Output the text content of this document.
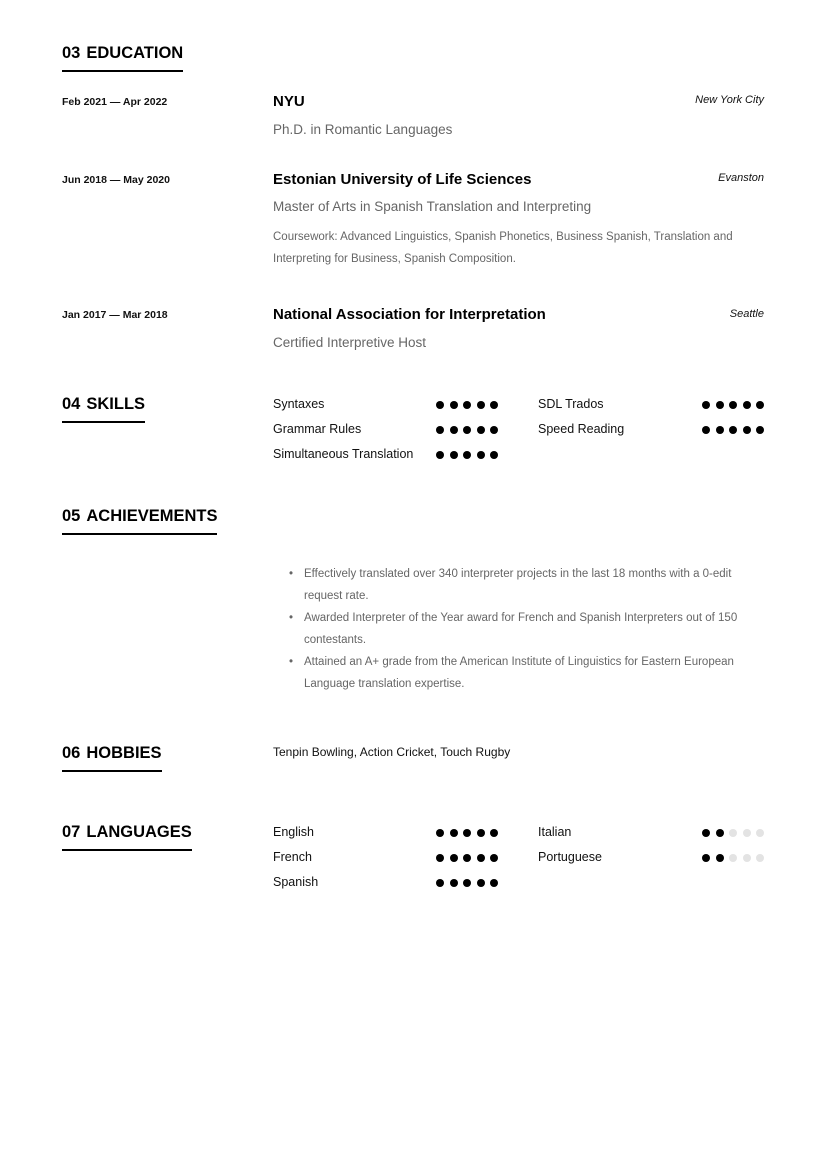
03 EDUCATION
Feb 2021 — Apr 2022	NYU	New York City
Ph.D. in Romantic Languages
Jun 2018 — May 2020	Estonian University of Life Sciences	Evanston
Master of Arts in Spanish Translation and Interpreting
Coursework: Advanced Linguistics, Spanish Phonetics, Business Spanish, Translation and Interpreting for Business, Spanish Composition.
Jan 2017 — Mar 2018	National Association for Interpretation	Seattle
Certified Interpretive Host
04 SKILLS	Syntaxes	SDL Trados
Grammar Rules	Speed Reading
Simultaneous Translation
05 ACHIEVEMENTS
• Effectively translated over 340 interpreter projects in the last 18 months with a 0-edit request rate.
• Awarded Interpreter of the Year award for French and Spanish Interpreters out of 150 contestants.
• Attained an A+ grade from the American Institute of Linguistics for Eastern European Language translation expertise.
06 HOBBIES	Tenpin Bowling, Action Cricket, Touch Rugby
07 LANGUAGES	English	Italian
French	Portuguese
Spanish
